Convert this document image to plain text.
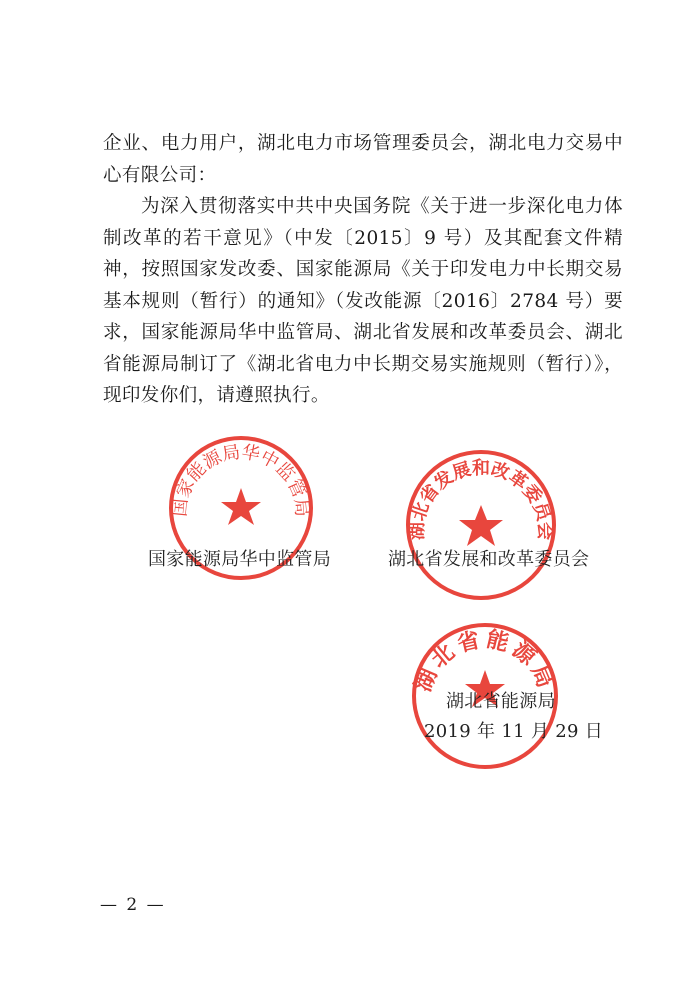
国家能源局华中监管局
湖北省发展和改革委员会
湖北省能源局

企业、电力用户，湖北电力市场管理委员会，湖北电力交易中心有限公司：

为深入贯彻落实中共中央国务院《关于进一步深化电力体制改革的若干意见》（中发〔2015〕9 号）及其配套文件精神，按照国家发改委、国家能源局《关于印发电力中长期交易基本规则（暂行）的通知》（发改能源〔2016〕2784 号）要求，国家能源局华中监管局、湖北省发展和改革委员会、湖北省能源局制订了《湖北省电力中长期交易实施规则（暂行）》，现印发你们，请遵照执行。

国家能源局华中监管局	湖北省发展和改革委员会
湖北省能源局
2019 年 11 月 29 日
— 2 —
